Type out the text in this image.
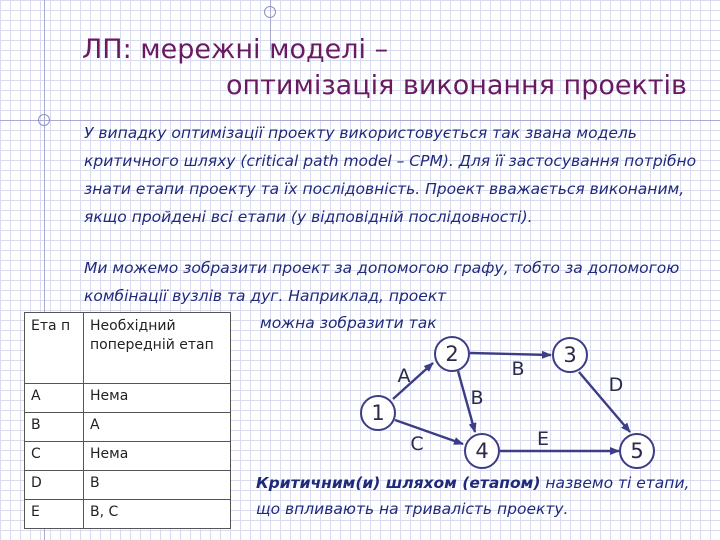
ЛП: мережні моделі –
оптимізація виконання проектів
У випадку оптимізації проекту використовується так звана модель критичного шляху (critical path model – CPM). Для її застосування потрібно знати етапи проекту та їх послідовність. Проект вважається виконаним, якщо пройдені всі етапи (у відповідній послідовності).
Ми можемо зобразити проект за допомогою графу, тобто за допомогою комбінації вузлів та дуг. Наприклад, проект
можна зобразити так
Ета п	Необхідний попередній етап
A	Нема
B	A
C	Нема
D	B
E	B, C
1
2	3
4	5
A	B
B
C
D
E
Критичним(и) шляхом (етапом) назвемо ті етапи, що впливають на тривалість проекту.
